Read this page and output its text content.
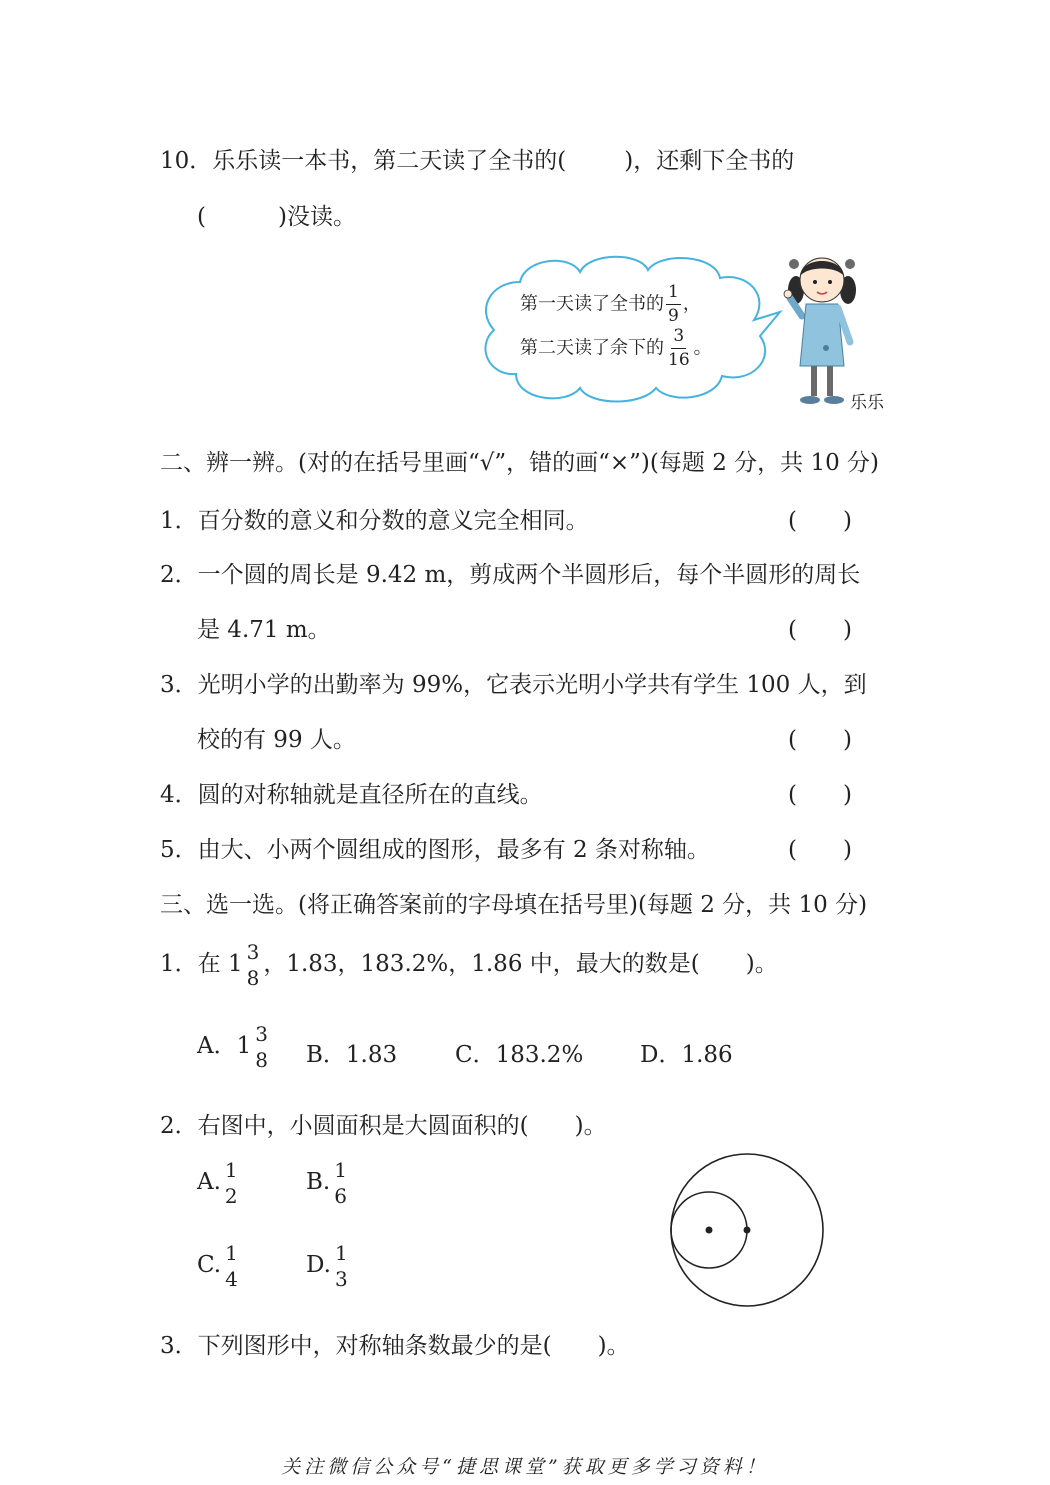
10．乐乐读一本书，第二天读了全书的(	)，还剩下全书的
(	)没读。
第一天读了全书的 $\frac{1}{9}$ ，
第二天读了余下的 $\frac{3}{16}$ 。
乐乐
二、辨一辨。(对的在括号里画“√”，错的画“×”)(每题 2 分，共 10 分)
1．百分数的意义和分数的意义完全相同。	(　　)
2．一个圆的周长是 9.42 m，剪成两个半圆形后，每个半圆形的周长
是 4.71 m。	(　　)
3．光明小学的出勤率为 99%，它表示光明小学共有学生 100 人，到
校的有 99 人。	(　　)
4．圆的对称轴就是直径所在的直线。	(　　)
5．由大、小两个圆组成的图形，最多有 2 条对称轴。	(　　)
三、选一选。(将正确答案前的字母填在括号里)(每题 2 分，共 10 分)
1．在 1 3
8
，1.83，183.2%，1.86 中，最大的数是(　　)。
A．1 3
8 B．1.83	C．183.2% D．1.86
2．右图中，小圆面积是大圆面积的(　　)。
A. 1
2
B. 1
6
C. 1
4
D. 1
3
3．下列图形中，对称轴条数最少的是(　　)。
关注微信公众号“捷思课堂”获取更多学习资料！
